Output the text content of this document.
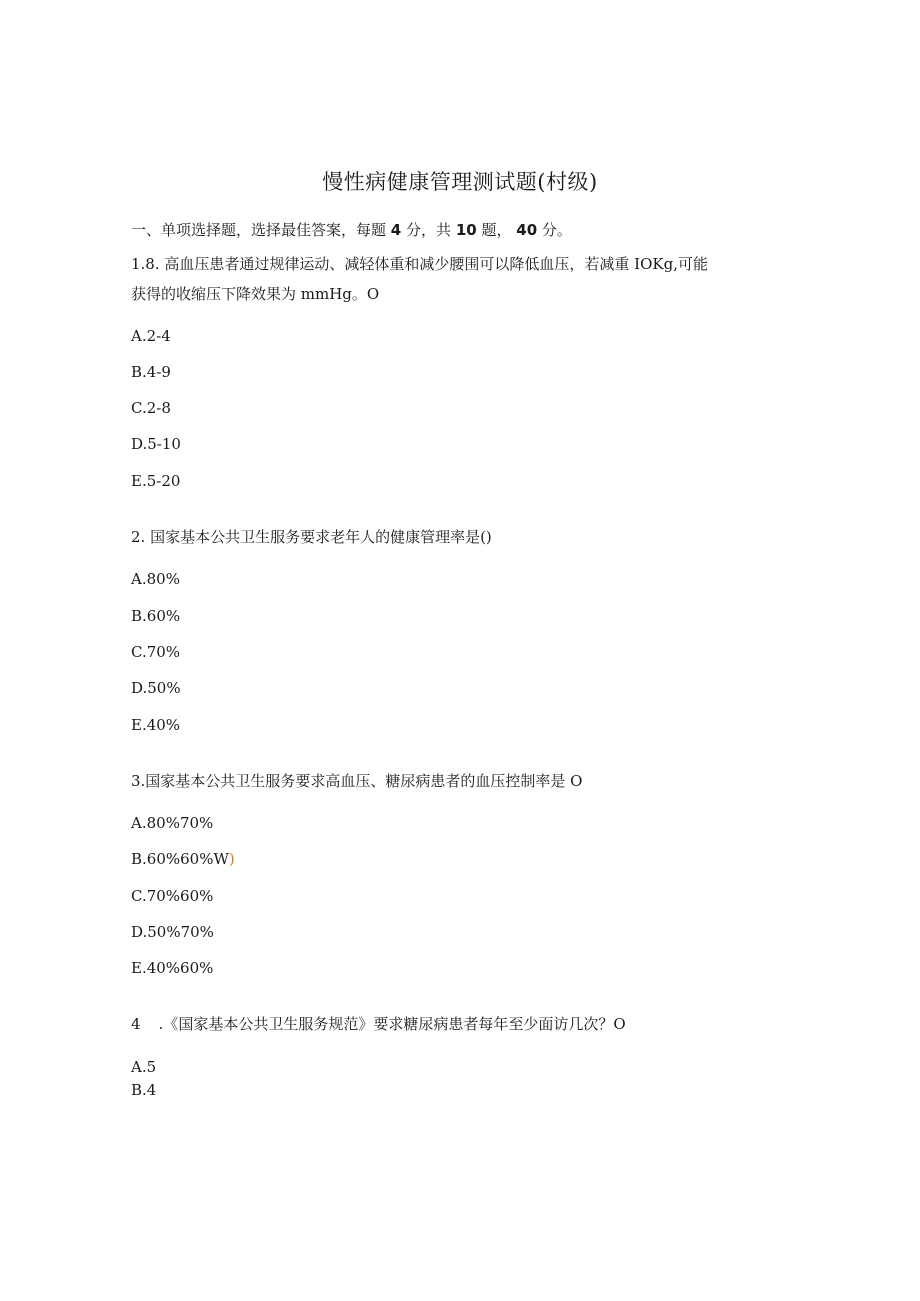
慢性病健康管理测试题(村级)
一、单项选择题，选择最佳答案，每题 4 分，共 10 题， 40 分。
1.8. 高血压患者通过规律运动、减轻体重和减少腰围可以降低血压，若减重 IOKg,可能
获得的收缩压下降效果为 mmHg。O
A.2-4
B.4-9
C.2-8
D.5-10
E.5-20
2. 国家基本公共卫生服务要求老年人的健康管理率是()
A.80%
B.60%
C.70%
D.50%
E.40%
3.国家基本公共卫生服务要求高血压、糖尿病患者的血压控制率是 O
A.80%70%
B.60%60%W)
C.70%60%
D.50%70%
E.40%60%
4 .《国家基本公共卫生服务规范》要求糖尿病患者每年至少面访几次？O
A.5
B.4
